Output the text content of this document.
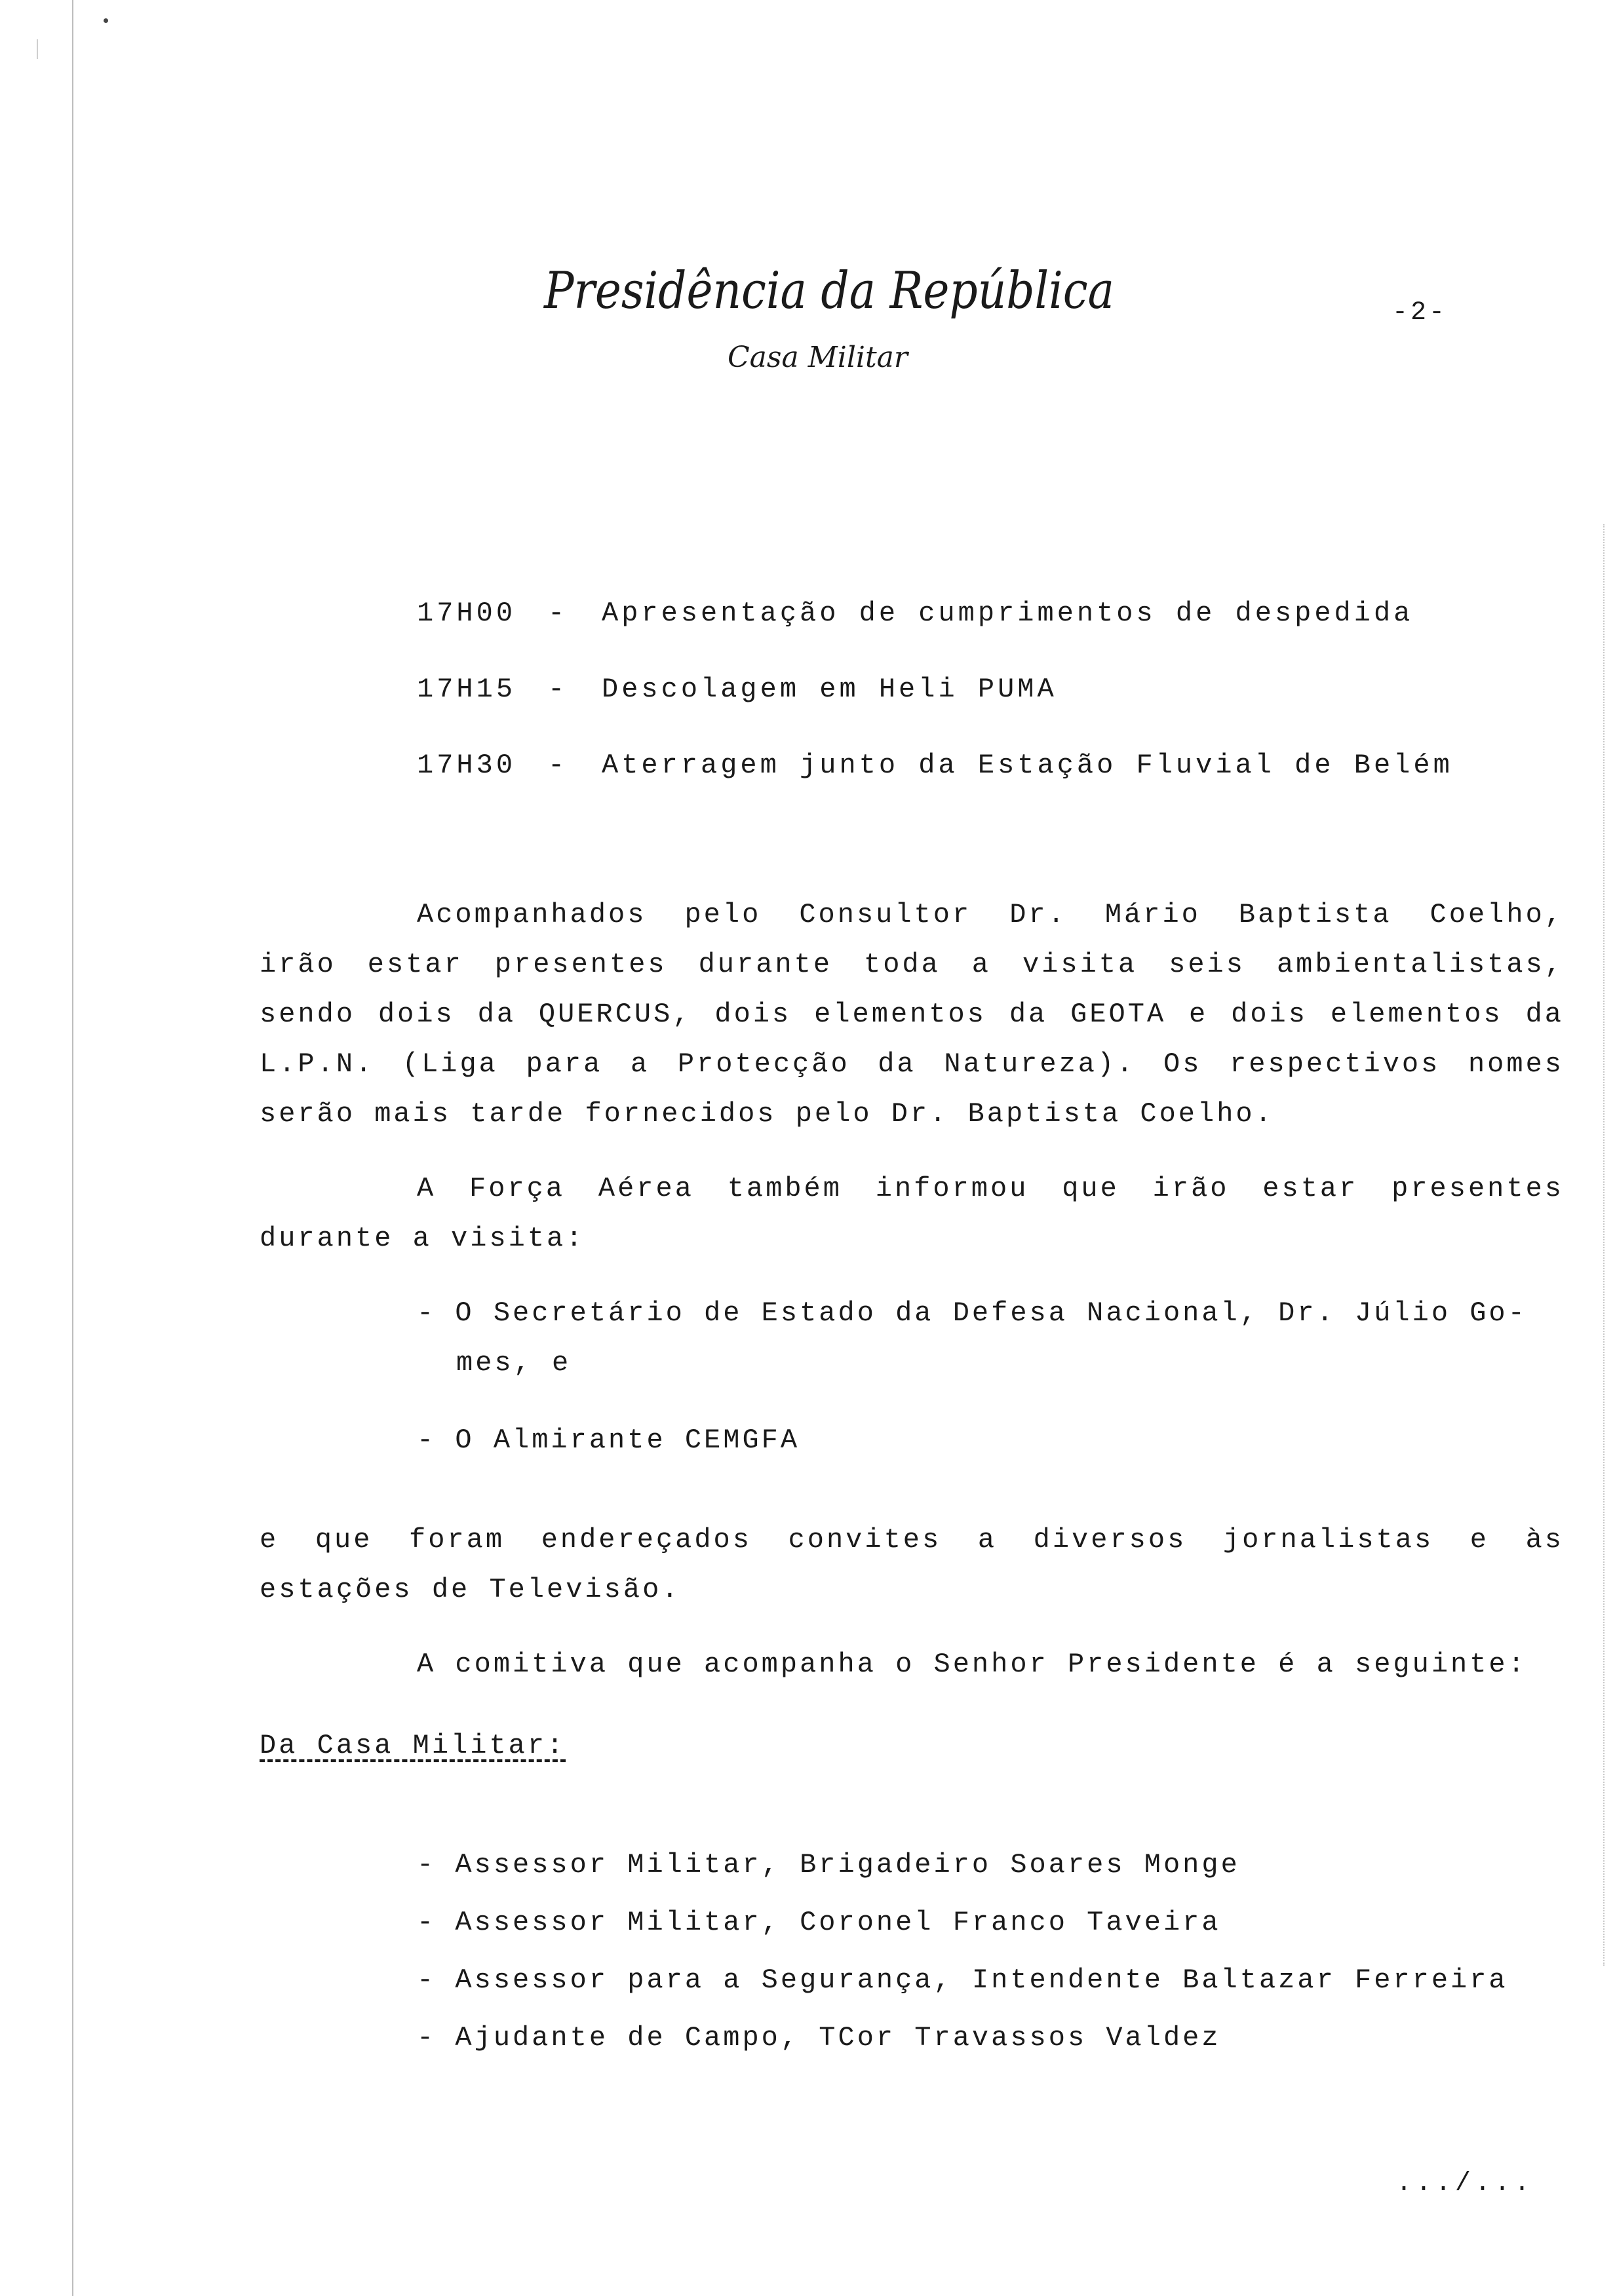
Presidência da República
Casa Militar
-2-
17H00 - Apresentação de cumprimentos de despedida
17H15 - Descolagem em Heli PUMA
17H30 - Aterragem junto da Estação Fluvial de Belém
Acompanhados pelo Consultor Dr. Mário Baptista Coelho,
irão estar presentes durante toda a visita seis ambientalistas,
sendo dois da QUERCUS, dois elementos da GEOTA e dois elementos da
L.P.N. (Liga para a Protecção da Natureza). Os respectivos nomes
serão mais tarde fornecidos pelo Dr. Baptista Coelho.
A Força Aérea também informou que irão estar presentes
durante a visita:
- O Secretário de Estado da Defesa Nacional, Dr. Júlio Go-
mes, e
- O Almirante CEMGFA
e que foram endereçados convites a diversos jornalistas e às
estações de Televisão.
A comitiva que acompanha o Senhor Presidente é a seguinte:
Da Casa Militar:
- Assessor Militar, Brigadeiro Soares Monge
- Assessor Militar, Coronel Franco Taveira
- Assessor para a Segurança, Intendente Baltazar Ferreira
- Ajudante de Campo, TCor Travassos Valdez
.../...
